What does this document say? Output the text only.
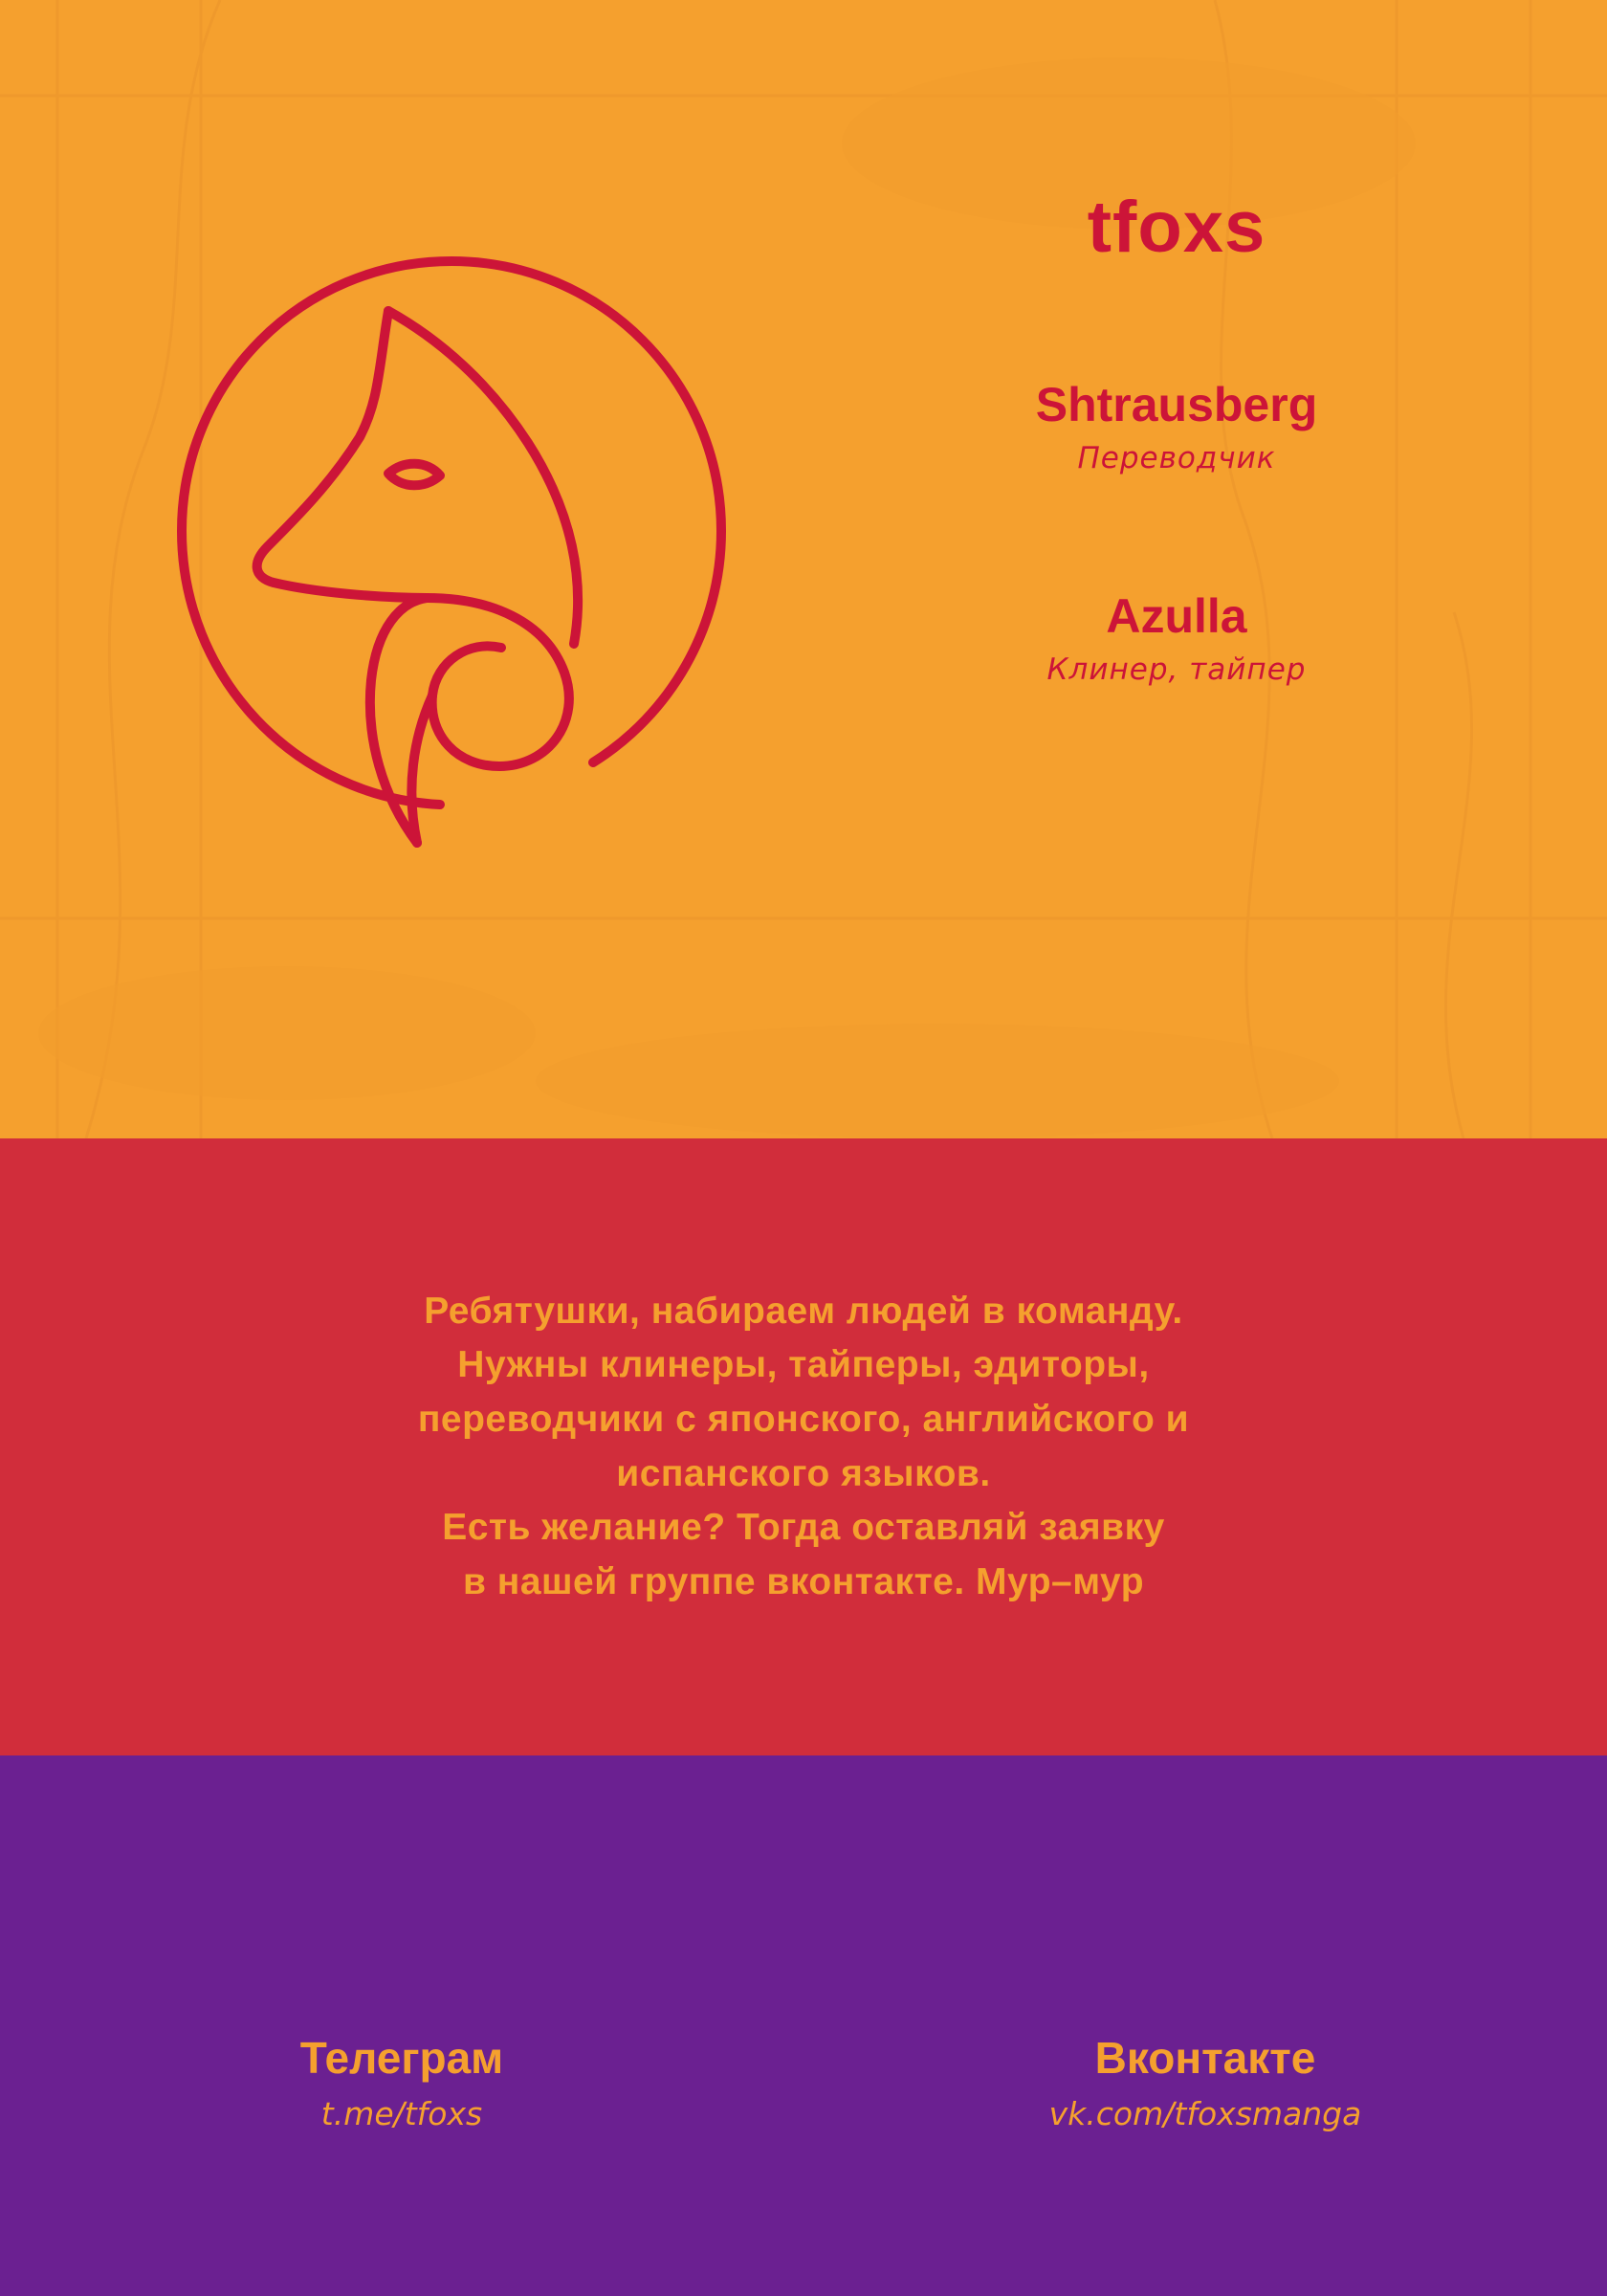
tfoxs
Shtrausberg
Переводчик
Azulla
Клинер, тайпер
Ребятушки, набираем людей в команду.
Нужны клинеры, тайперы, эдиторы,
переводчики с японского, английского и
испанского языков.
Есть желание? Тогда оставляй заявку
в нашей группе вконтакте. Мур–мур
Телеграм
t.me/tfoxs
Вконтакте
vk.com/tfoxsmanga
